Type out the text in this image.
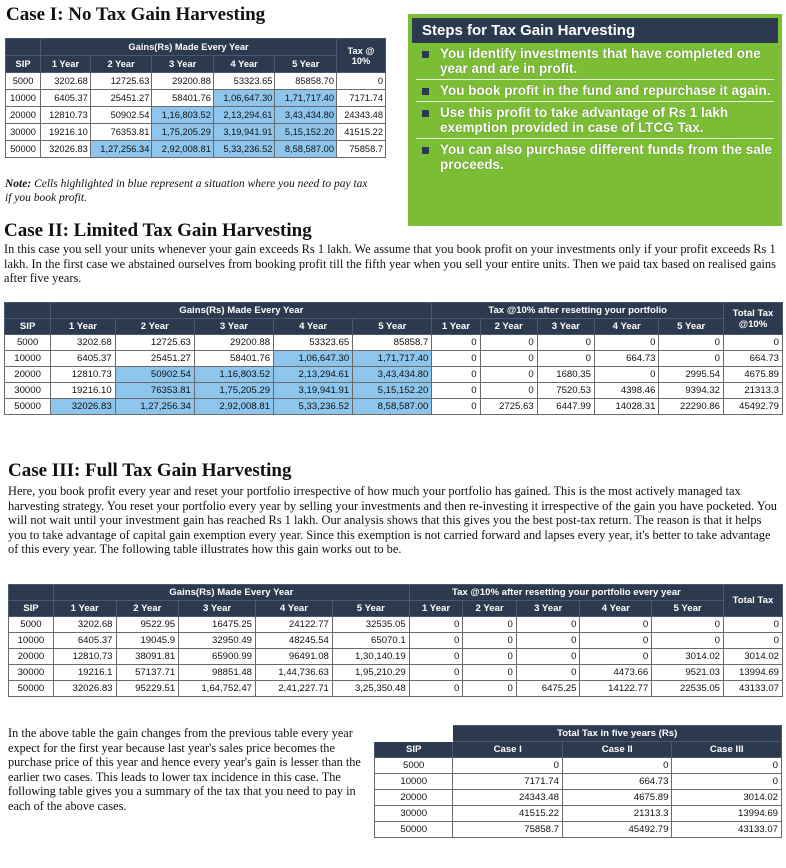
Case I: No Tax Gain Harvesting
	Gains(Rs) Made Every Year					Tax @ 10%
SIP	1 Year	2 Year	3 Year	4 Year	5 Year	
5000	3202.68	12725.63	29200.88	53323.65	85858.70	0
10000	6405.37	25451.27	58401.76	1,06,647.30	1,71,717.40	7171.74
20000	12810.73	50902.54	1,16,803.52	2,13,294.61	3,43,434.80	24343.48
30000	19216.10	76353.81	1,75,205.29	3,19,941.91	5,15,152.20	41515.22
50000	32026.83	1,27,256.34	2,92,008.81	5,33,236.52	8,58,587.00	75858.7

Note: Cells highlighted in blue represent a situation where you need to pay tax if you book profit.

Steps for Tax Gain Harvesting
You identify investments that have completed one year and are in profit.
You book profit in the fund and repurchase it again.
Use this profit to take advantage of Rs 1 lakh exemption provided in case of LTCG Tax.
You can also purchase different funds from the sale proceeds.
Case II: Limited Tax Gain Harvesting

In this case you sell your units whenever your gain exceeds Rs 1 lakh. We assume that you book profit on your investments only if your profit exceeds Rs 1 lakh. In the first case we abstained ourselves from booking profit till the fifth year when you sell your entire units. Then we paid tax based on realised gains after five years.

	Gains(Rs) Made Every Year					Tax @10% after resetting your portfolio					Total Tax @10%
SIP	1 Year	2 Year	3 Year	4 Year	5 Year	1 Year	2 Year	3 Year	4 Year	5 Year	
5000	3202.68	12725.63	29200.88	53323.65	85858.7	0	0	0	0	0	0
10000	6405.37	25451.27	58401.76	1,06,647.30	1,71,717.40	0	0	0	664.73	0	664.73
20000	12810.73	50902.54	1,16,803.52	2,13,294.61	3,43,434.80	0	0	1680.35	0	2995.54	4675.89
30000	19216.10	76353.81	1,75,205.29	3,19,941.91	5,15,152.20	0	0	7520.53	4398.46	9394.32	21313.3
50000	32026.83	1,27,256.34	2,92,008.81	5,33,236.52	8,58,587.00	0	2725.63	6447.99	14028.31	22290.86	45492.79
Case III: Full Tax Gain Harvesting

Here, you book profit every year and reset your portfolio irrespective of how much your portfolio has gained. This is the most actively managed tax harvesting strategy. You reset your portfolio every year by selling your investments and then re-investing it irrespective of the gain you have pocketed. You will not wait until your investment gain has reached Rs 1 lakh. Our analysis shows that this gives you the best post-tax return. The reason is that it helps you to take advantage of capital gain exemption every year. Since this exemption is not carried forward and lapses every year, it's better to take advantage of this every year. The following table illustrates how this gain works out to be.

	Gains(Rs) Made Every Year					Tax @10% after resetting your portfolio every year					Total Tax
SIP	1 Year	2 Year	3 Year	4 Year	5 Year	1 Year	2 Year	3 Year	4 Year	5 Year	
5000	3202.68	9522.95	16475.25	24122.77	32535.05	0	0	0	0	0	0
10000	6405.37	19045.9	32950.49	48245.54	65070.1	0	0	0	0	0	0
20000	12810.73	38091.81	65900.99	96491.08	1,30,140.19	0	0	0	0	3014.02	3014.02
30000	19216.1	57137.71	98851.48	1,44,736.63	1,95,210.29	0	0	0	4473.66	9521.03	13994.69
50000	32026.83	95229.51	1,64,752.47	2,41,227.71	3,25,350.48	0	0	6475.25	14122.77	22535.05	43133.07

In the above table the gain changes from the previous table every year expect for the first year because last year's sales price becomes the purchase price of this year and hence every year's gain is lesser than the earlier two cases. This leads to lower tax incidence in this case. The following table gives you a summary of the tax that you need to pay in each of the above cases.

	Total Tax in five years (Rs)		
SIP	Case I	Case II	Case III
5000	0	0	0
10000	7171.74	664.73	0
20000	24343.48	4675.89	3014.02
30000	41515.22	21313.3	13994.69
50000	75858.7	45492.79	43133.07
